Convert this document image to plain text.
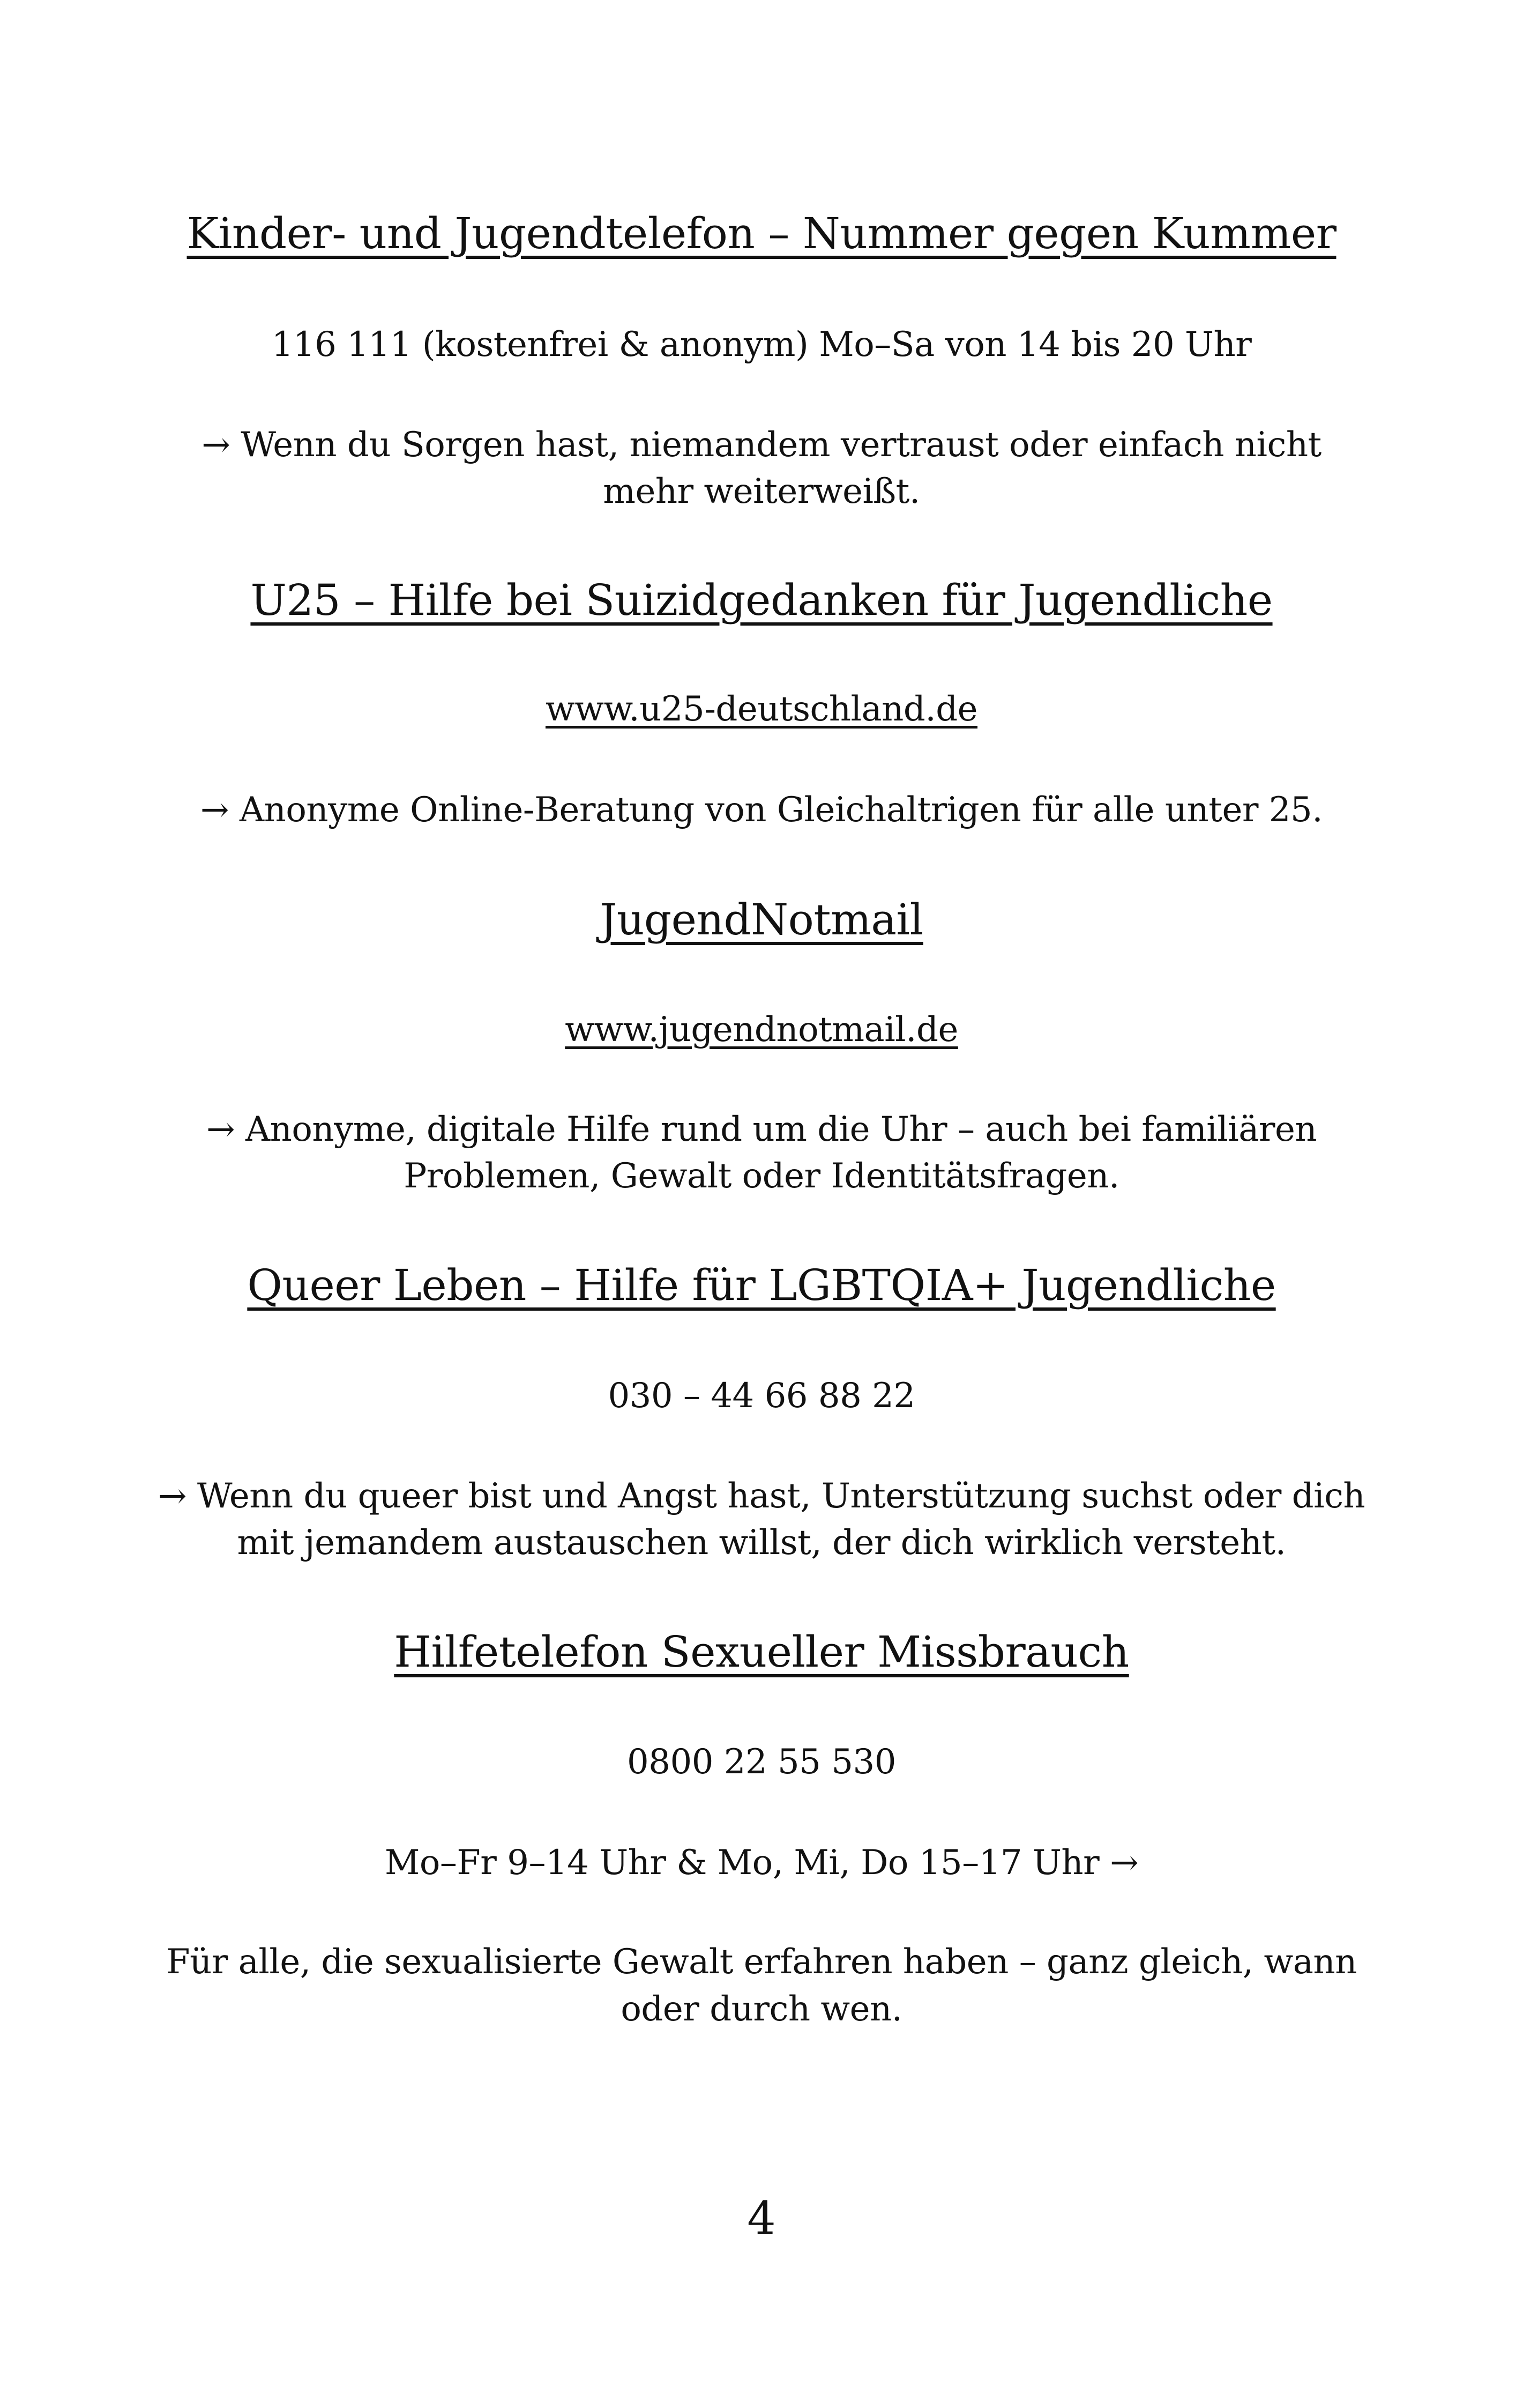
Kinder- und Jugendtelefon – Nummer gegen Kummer
116 111 (kostenfrei & anonym) Mo–Sa von 14 bis 20 Uhr
→ Wenn du Sorgen hast, niemandem vertraust oder einfach nicht
mehr weiterweißt.
U25 – Hilfe bei Suizidgedanken für Jugendliche
www.u25-deutschland.de
→ Anonyme Online-Beratung von Gleichaltrigen für alle unter 25.
JugendNotmail
www.jugendnotmail.de
→ Anonyme, digitale Hilfe rund um die Uhr – auch bei familiären
Problemen, Gewalt oder Identitätsfragen.
Queer Leben – Hilfe für LGBTQIA+ Jugendliche
030 – 44 66 88 22
→ Wenn du queer bist und Angst hast, Unterstützung suchst oder dich
mit jemandem austauschen willst, der dich wirklich versteht.
Hilfetelefon Sexueller Missbrauch
0800 22 55 530
Mo–Fr 9–14 Uhr & Mo, Mi, Do 15–17 Uhr →
Für alle, die sexualisierte Gewalt erfahren haben – ganz gleich, wann
oder durch wen.
4
